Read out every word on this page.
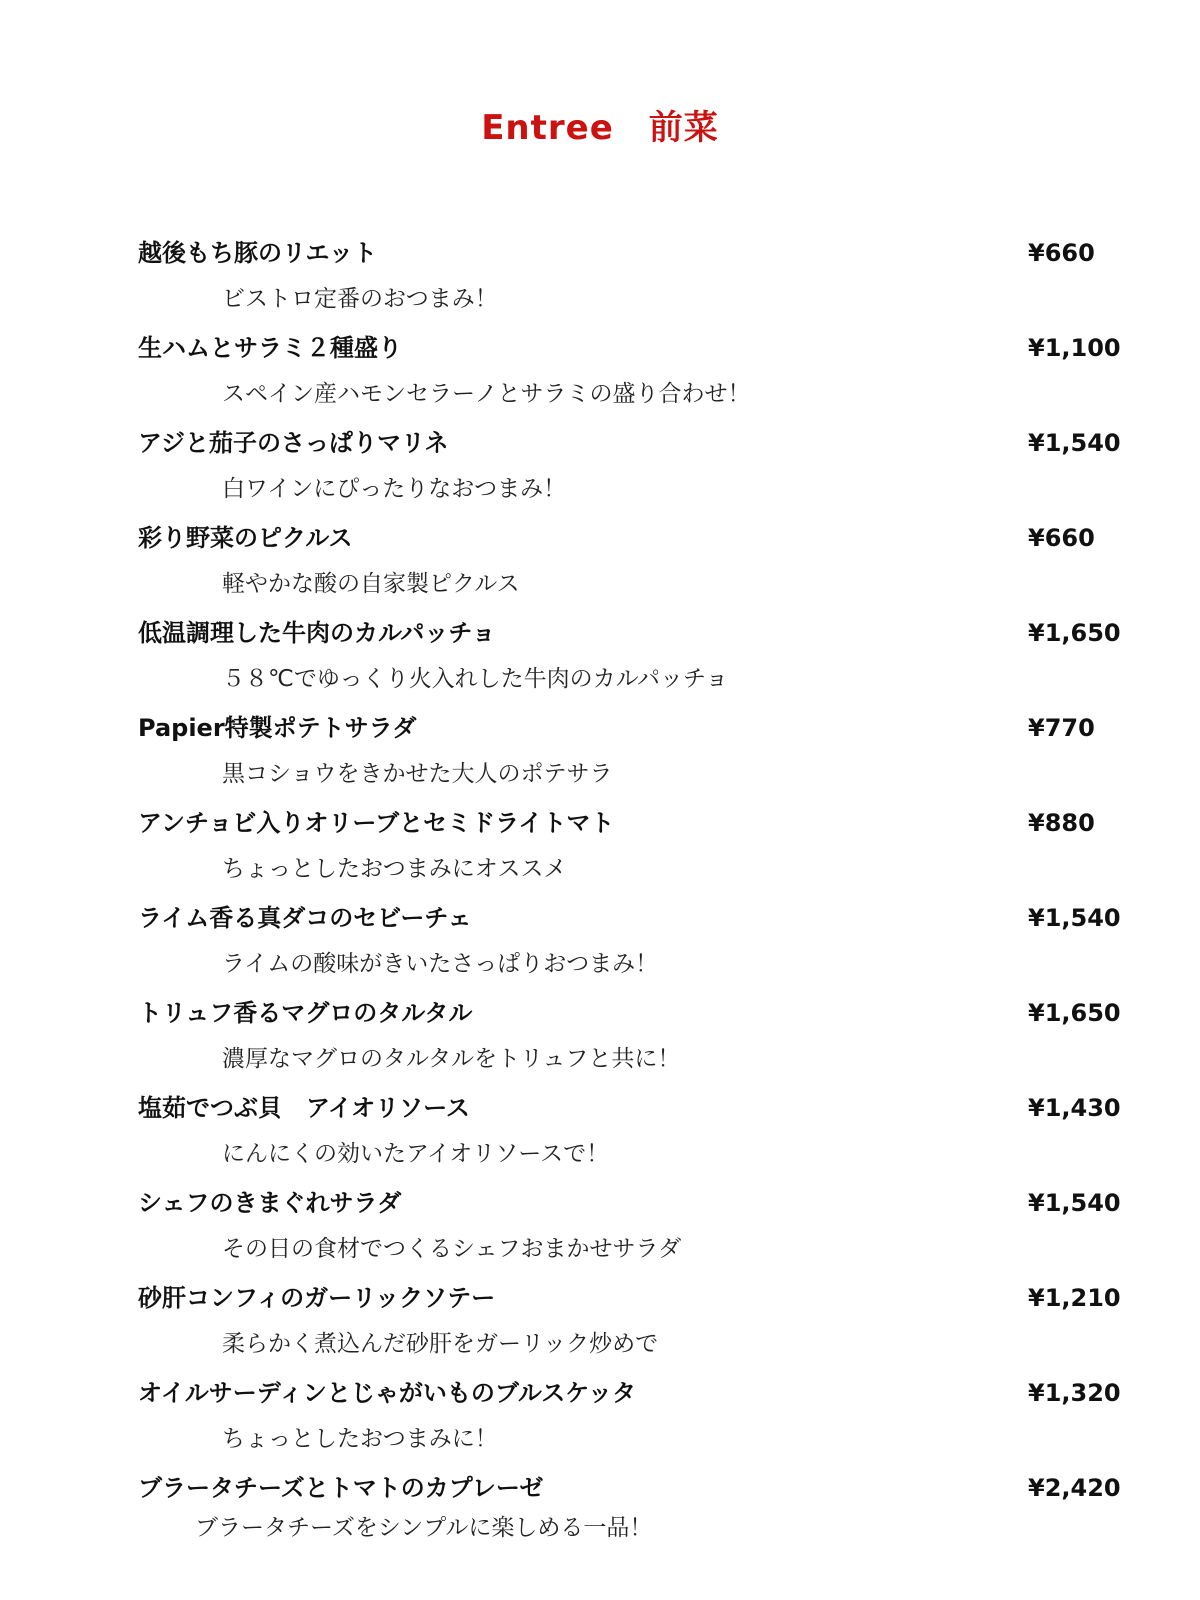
Entree　前菜
越後もち豚のリエット	¥660
ビストロ定番のおつまみ！
生ハムとサラミ２種盛り	¥1,100
スペイン産ハモンセラーノとサラミの盛り合わせ！
アジと茄子のさっぱりマリネ	¥1,540
白ワインにぴったりなおつまみ！
彩り野菜のピクルス	¥660
軽やかな酸の自家製ピクルス
低温調理した牛肉のカルパッチョ	¥1,650
５８℃でゆっくり火入れした牛肉のカルパッチョ
Papier特製ポテトサラダ	¥770
黒コショウをきかせた大人のポテサラ
アンチョビ入りオリーブとセミドライトマト	¥880
ちょっとしたおつまみにオススメ
ライム香る真ダコのセビーチェ	¥1,540
ライムの酸味がきいたさっぱりおつまみ！
トリュフ香るマグロのタルタル	¥1,650
濃厚なマグロのタルタルをトリュフと共に！
塩茹でつぶ貝　アイオリソース	¥1,430
にんにくの効いたアイオリソースで！
シェフのきまぐれサラダ	¥1,540
その日の食材でつくるシェフおまかせサラダ
砂肝コンフィのガーリックソテー	¥1,210
柔らかく煮込んだ砂肝をガーリック炒めで
オイルサーディンとじゃがいものブルスケッタ	¥1,320
ちょっとしたおつまみに！
ブラータチーズとトマトのカプレーゼ	¥2,420
ブラータチーズをシンプルに楽しめる一品！
